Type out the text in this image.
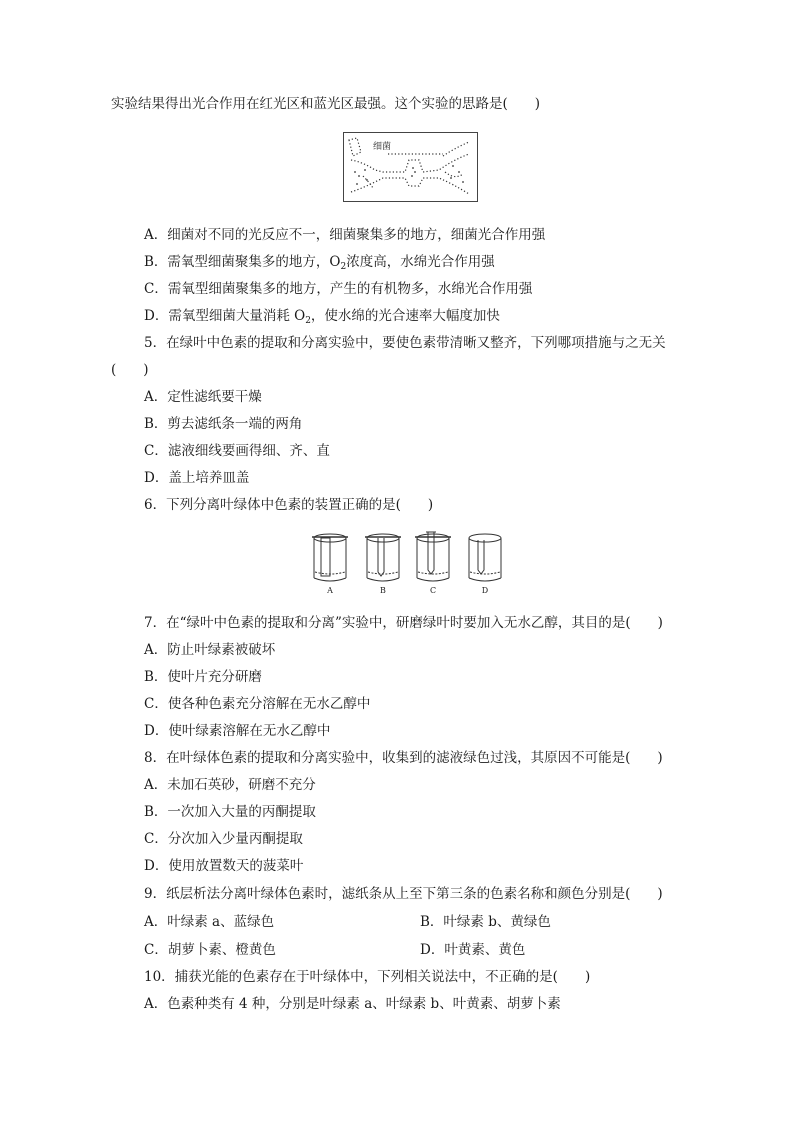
实验结果得出光合作用在红光区和蓝光区最强。这个实验的思路是(　　)
细菌
A．细菌对不同的光反应不一，细菌聚集多的地方，细菌光合作用强
B．需氧型细菌聚集多的地方，$O_2$浓度高，水绵光合作用强
C．需氧型细菌聚集多的地方，产生的有机物多，水绵光合作用强
D．需氧型细菌大量消耗 $O_2$，使水绵的光合速率大幅度加快
5．在绿叶中色素的提取和分离实验中，要使色素带清晰又整齐，下列哪项措施与之无关
(　　)
A．定性滤纸要干燥
B．剪去滤纸条一端的两角
C．滤液细线要画得细、齐、直
D．盖上培养皿盖
6．下列分离叶绿体中色素的装置正确的是(　　)
A	B	C	D
7．在“绿叶中色素的提取和分离”实验中，研磨绿叶时要加入无水乙醇，其目的是(　　)
A．防止叶绿素被破坏
B．使叶片充分研磨
C．使各种色素充分溶解在无水乙醇中
D．使叶绿素溶解在无水乙醇中
8．在叶绿体色素的提取和分离实验中，收集到的滤液绿色过浅，其原因不可能是(　　)
A．未加石英砂，研磨不充分
B．一次加入大量的丙酮提取
C．分次加入少量丙酮提取
D．使用放置数天的菠菜叶
9．纸层析法分离叶绿体色素时，滤纸条从上至下第三条的色素名称和颜色分别是(　　)
A．叶绿素 a、蓝绿色	B．叶绿素 b、黄绿色
C．胡萝卜素、橙黄色	D．叶黄素、黄色
10．捕获光能的色素存在于叶绿体中，下列相关说法中，不正确的是(　　)
A．色素种类有 4 种，分别是叶绿素 a、叶绿素 b、叶黄素、胡萝卜素
